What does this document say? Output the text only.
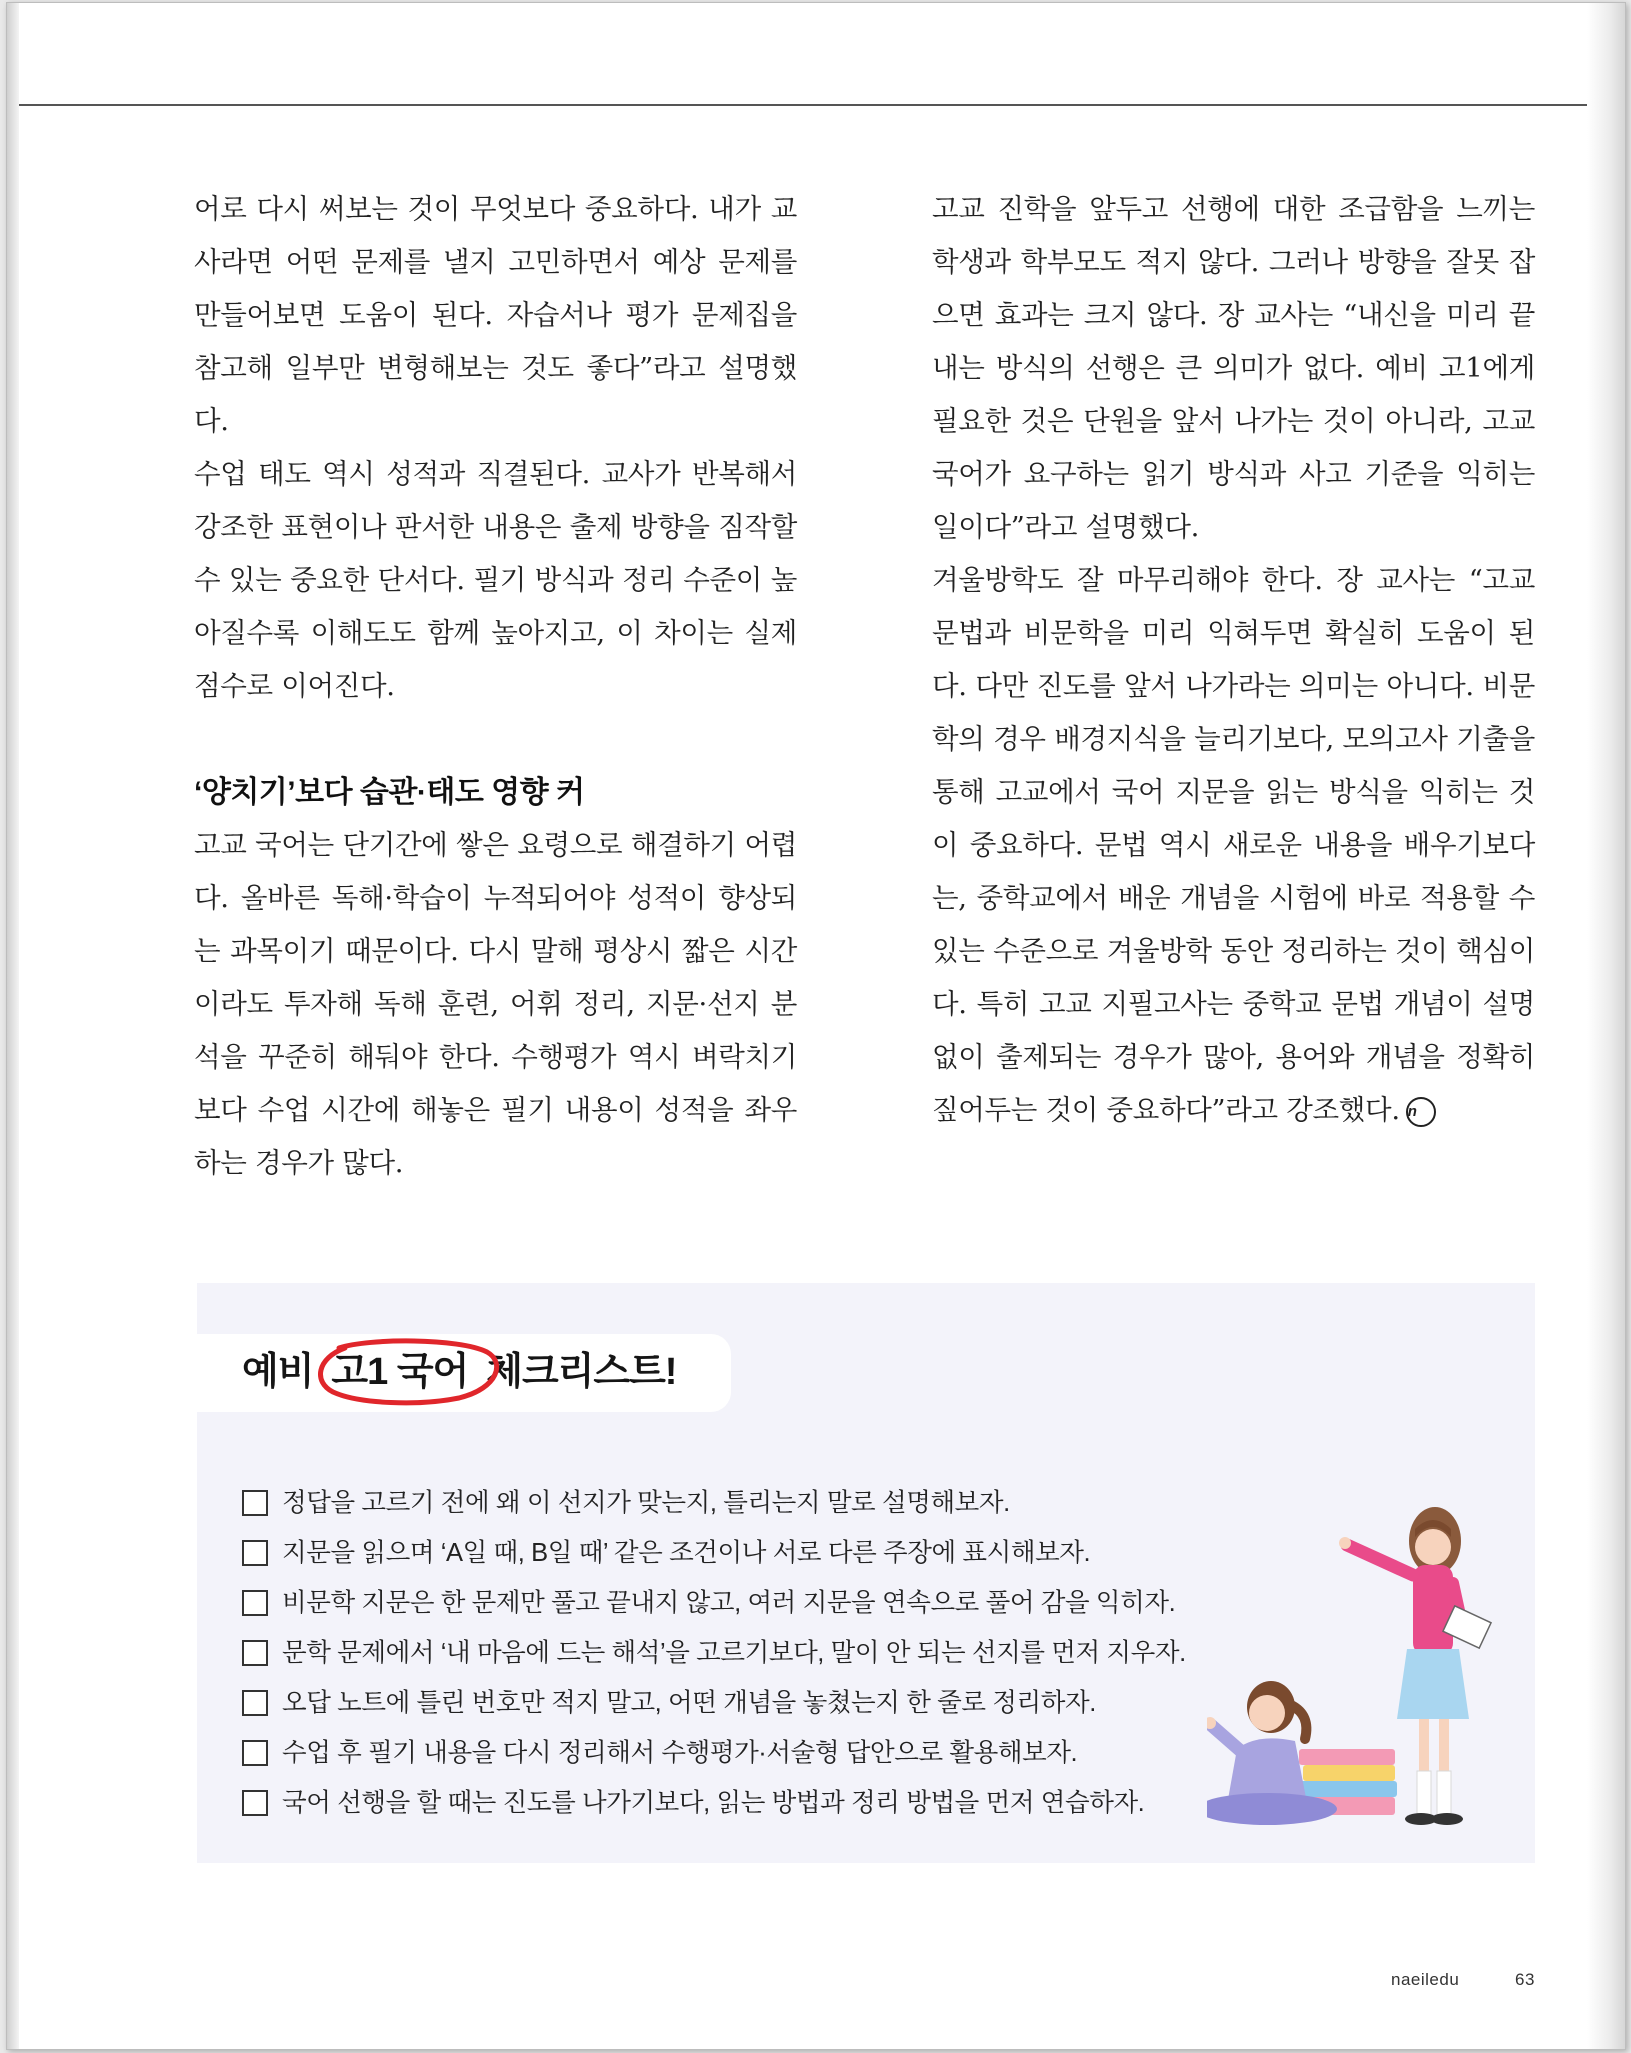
어로 다시 써보는 것이 무엇보다 중요하다. 내가 교사라면 어떤 문제를 낼지 고민하면서 예상 문제를 만들어보면 도움이 된다. 자습서나 평가 문제집을 참고해 일부만 변형해보는 것도 좋다”라고 설명했다.

수업 태도 역시 성적과 직결된다. 교사가 반복해서 강조한 표현이나 판서한 내용은 출제 방향을 짐작할 수 있는 중요한 단서다. 필기 방식과 정리 수준이 높아질수록 이해도도 함께 높아지고, 이 차이는 실제 점수로 이어진다.

‘양치기’보다 습관·태도 영향 커

고교 국어는 단기간에 쌓은 요령으로 해결하기 어렵다. 올바른 독해·학습이 누적되어야 성적이 향상되는 과목이기 때문이다. 다시 말해 평상시 짧은 시간이라도 투자해 독해 훈련, 어휘 정리, 지문·선지 분석을 꾸준히 해둬야 한다. 수행평가 역시 벼락치기보다 수업 시간에 해놓은 필기 내용이 성적을 좌우하는 경우가 많다.

고교 진학을 앞두고 선행에 대한 조급함을 느끼는 학생과 학부모도 적지 않다. 그러나 방향을 잘못 잡으면 효과는 크지 않다. 장 교사는 “내신을 미리 끝내는 방식의 선행은 큰 의미가 없다. 예비 고1에게 필요한 것은 단원을 앞서 나가는 것이 아니라, 고교 국어가 요구하는 읽기 방식과 사고 기준을 익히는 일이다”라고 설명했다.

겨울방학도 잘 마무리해야 한다. 장 교사는 “고교 문법과 비문학을 미리 익혀두면 확실히 도움이 된다. 다만 진도를 앞서 나가라는 의미는 아니다. 비문학의 경우 배경지식을 늘리기보다, 모의고사 기출을 통해 고교에서 국어 지문을 읽는 방식을 익히는 것이 중요하다. 문법 역시 새로운 내용을 배우기보다는, 중학교에서 배운 개념을 시험에 바로 적용할 수 있는 수준으로 겨울방학 동안 정리하는 것이 핵심이다. 특히 고교 지필고사는 중학교 문법 개념이 설명 없이 출제되는 경우가 많아, 용어와 개념을 정확히 짚어두는 것이 중요하다”라고 강조했다. n

예비 고1 국어 체크리스트!
정답을 고르기 전에 왜 이 선지가 맞는지, 틀리는지 말로 설명해보자.
지문을 읽으며 ‘A일 때, B일 때’ 같은 조건이나 서로 다른 주장에 표시해보자.
비문학 지문은 한 문제만 풀고 끝내지 않고, 여러 지문을 연속으로 풀어 감을 익히자.
문학 문제에서 ‘내 마음에 드는 해석’을 고르기보다, 말이 안 되는 선지를 먼저 지우자.
오답 노트에 틀린 번호만 적지 말고, 어떤 개념을 놓쳤는지 한 줄로 정리하자.
수업 후 필기 내용을 다시 정리해서 수행평가·서술형 답안으로 활용해보자.
국어 선행을 할 때는 진도를 나가기보다, 읽는 방법과 정리 방법을 먼저 연습하자.
naeiledu	63
